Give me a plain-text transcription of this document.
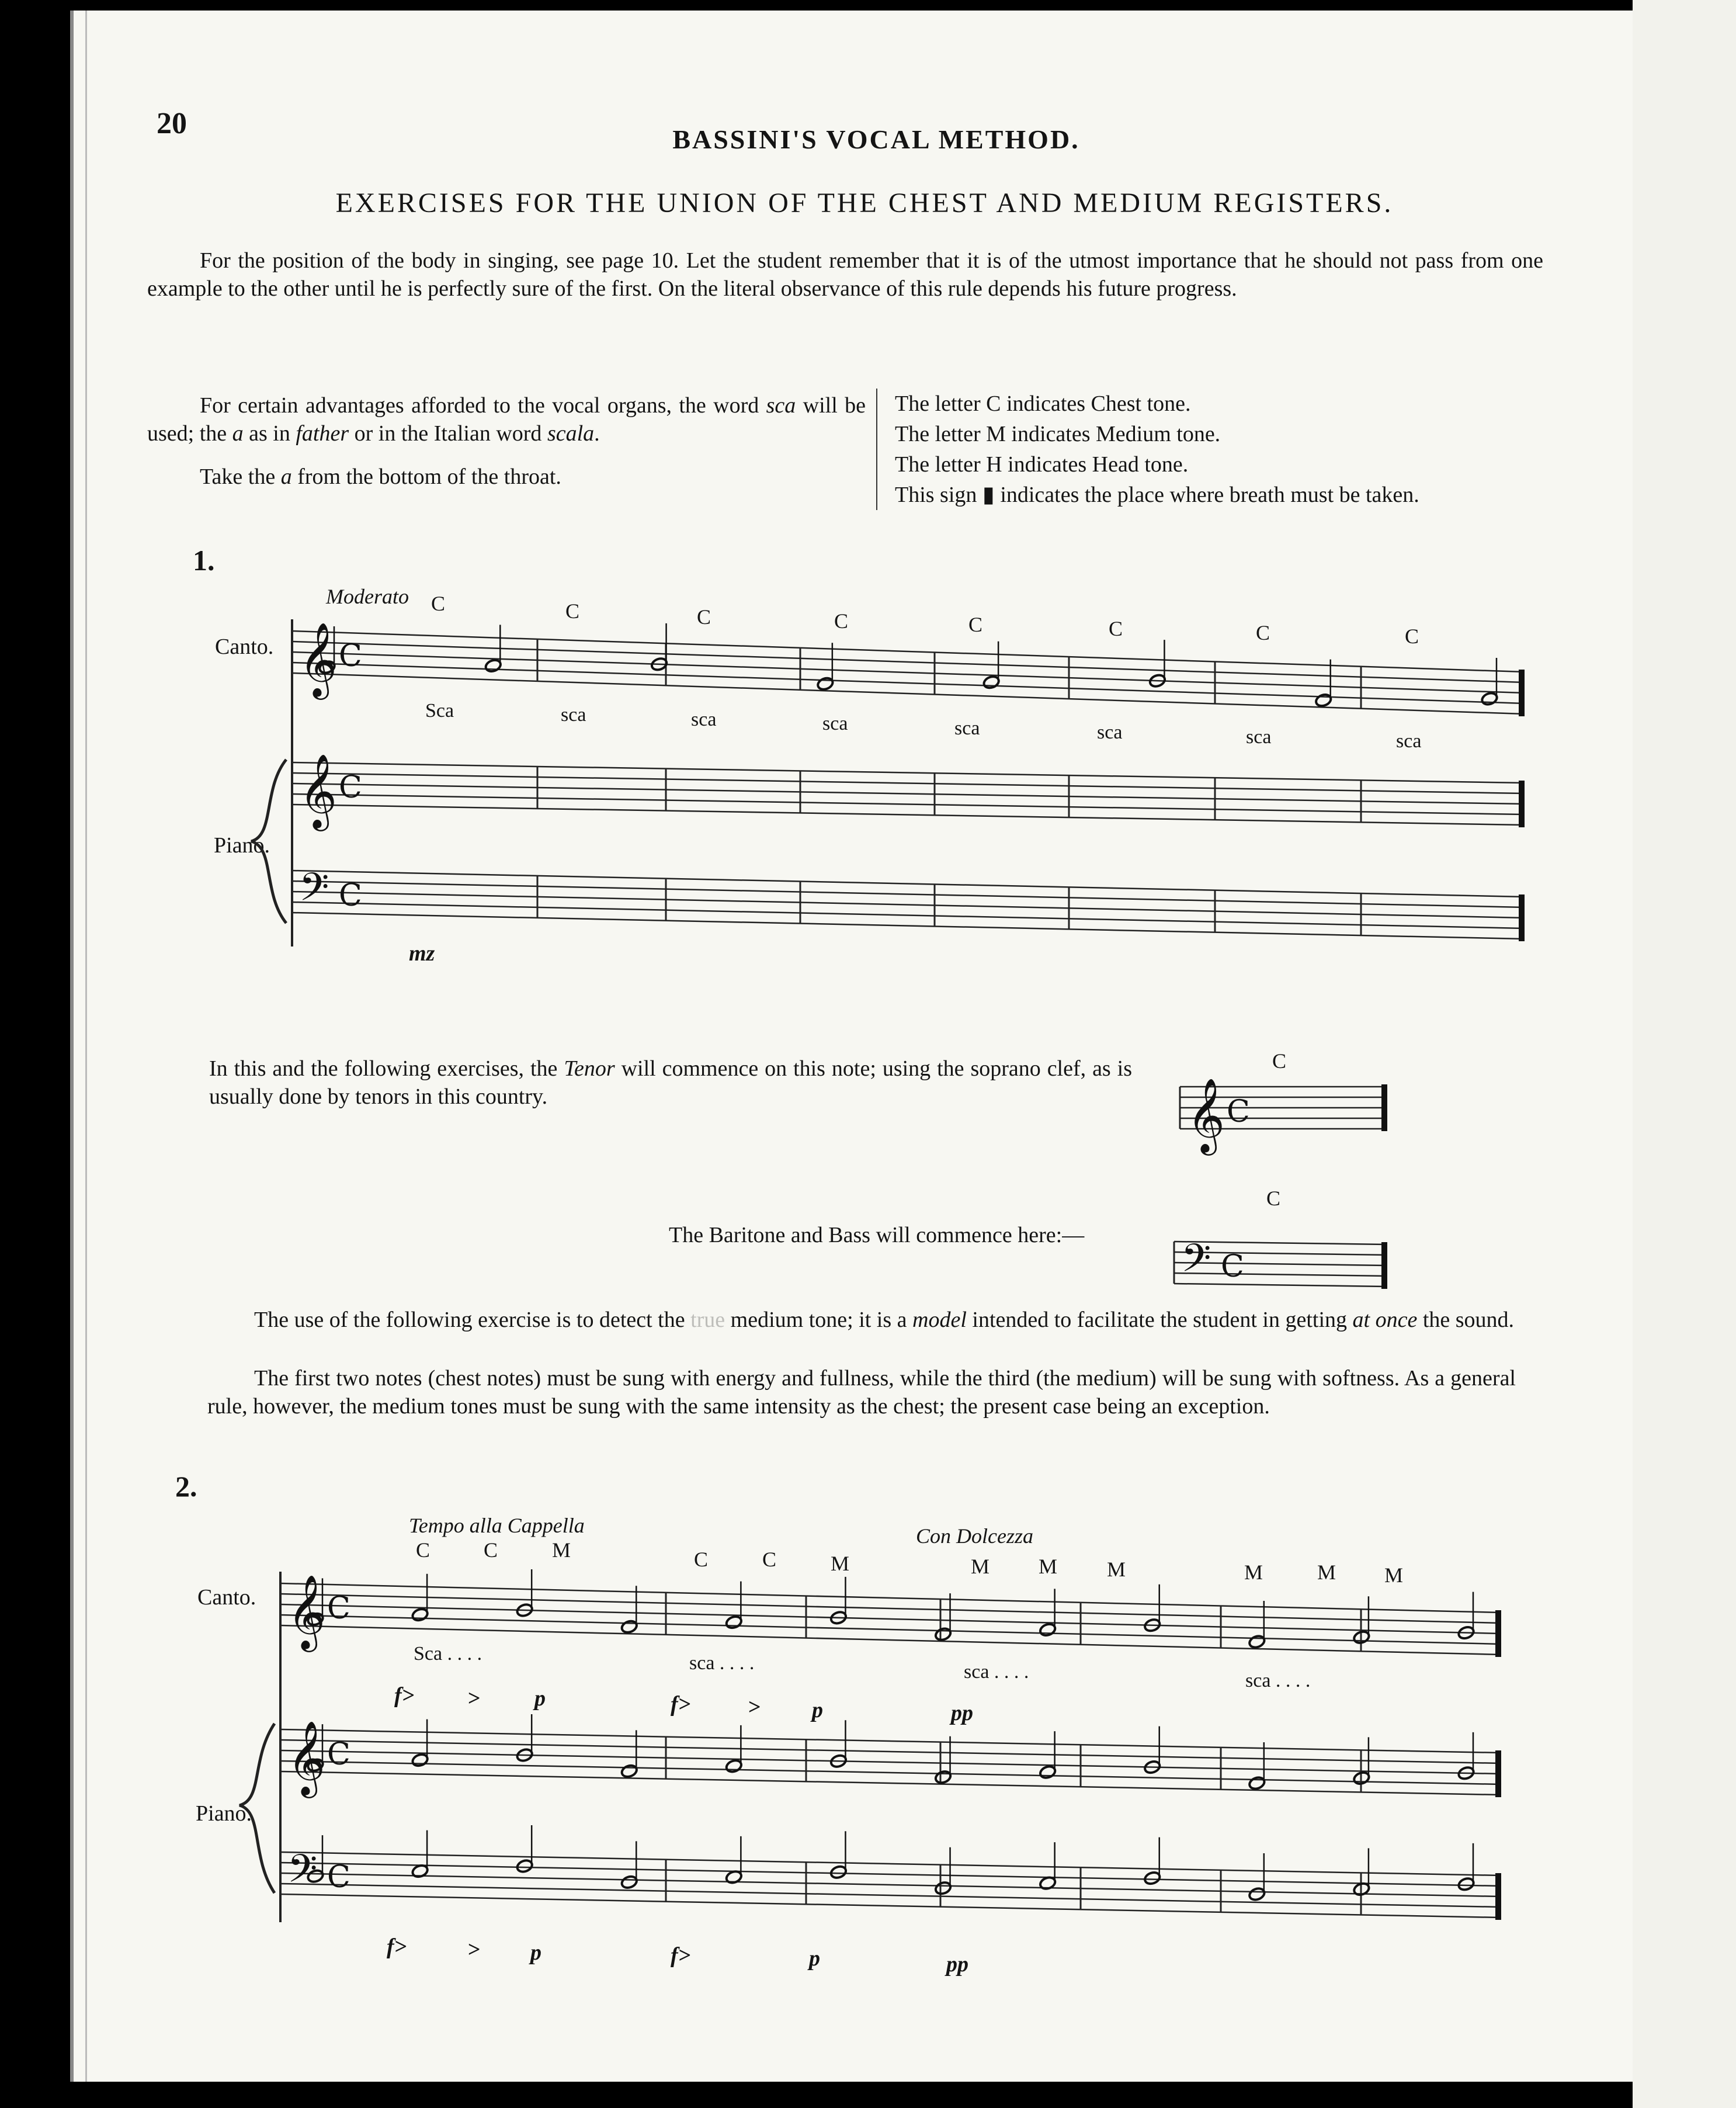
20	BASSINI'S VOCAL METHOD.
EXERCISES FOR THE UNION OF THE CHEST AND MEDIUM REGISTERS.
For the position of the body in singing, see page 10. Let the student remember that it is of the utmost importance that he should not pass from one example to the other until he is perfectly sure of the first. On the literal observance of this rule depends his future progress.
For certain advantages afforded to the vocal organs, the word sca will be used; the a as in father or in the Italian word scala.
Take the a from the bottom of the throat.
The letter C indicates Chest tone.
The letter M indicates Medium tone.
The letter H indicates Head tone.
This sign ▮ indicates the place where breath must be taken.
1.
Moderato
Canto.
Piano.
mz
C	C	C	C	C	C	C	C
Sca	sca	sca	sca	sca	sca	sca	sca
In this and the following exercises, the Tenor will commence on this note; using the soprano clef, as is usually done by tenors in this country.
C
The Baritone and Bass will commence here:—
C
The use of the following exercise is to detect the true medium tone; it is a model intended to facilitate the student in getting at once the sound.
The first two notes (chest notes) must be sung with energy and fullness, while the third (the medium) will be sung with softness. As a general rule, however, the medium tones must be sung with the same intensity as the chest; the present case being an exception.
2.
Tempo alla Cappella	Con Dolcezza
Canto.
Piano.
C	C	M	C	C	M	M M M	M	M M
Sca . . . .	sca . . . .	sca . . . .	sca . . . .
f> > p	f>	> p	pp
f>	> p	f>	p	pp
𝄞 C
𝄞 C
𝄢 C
𝄞 C
𝄢 C
𝄞 C
𝄞 C
𝄢 C
